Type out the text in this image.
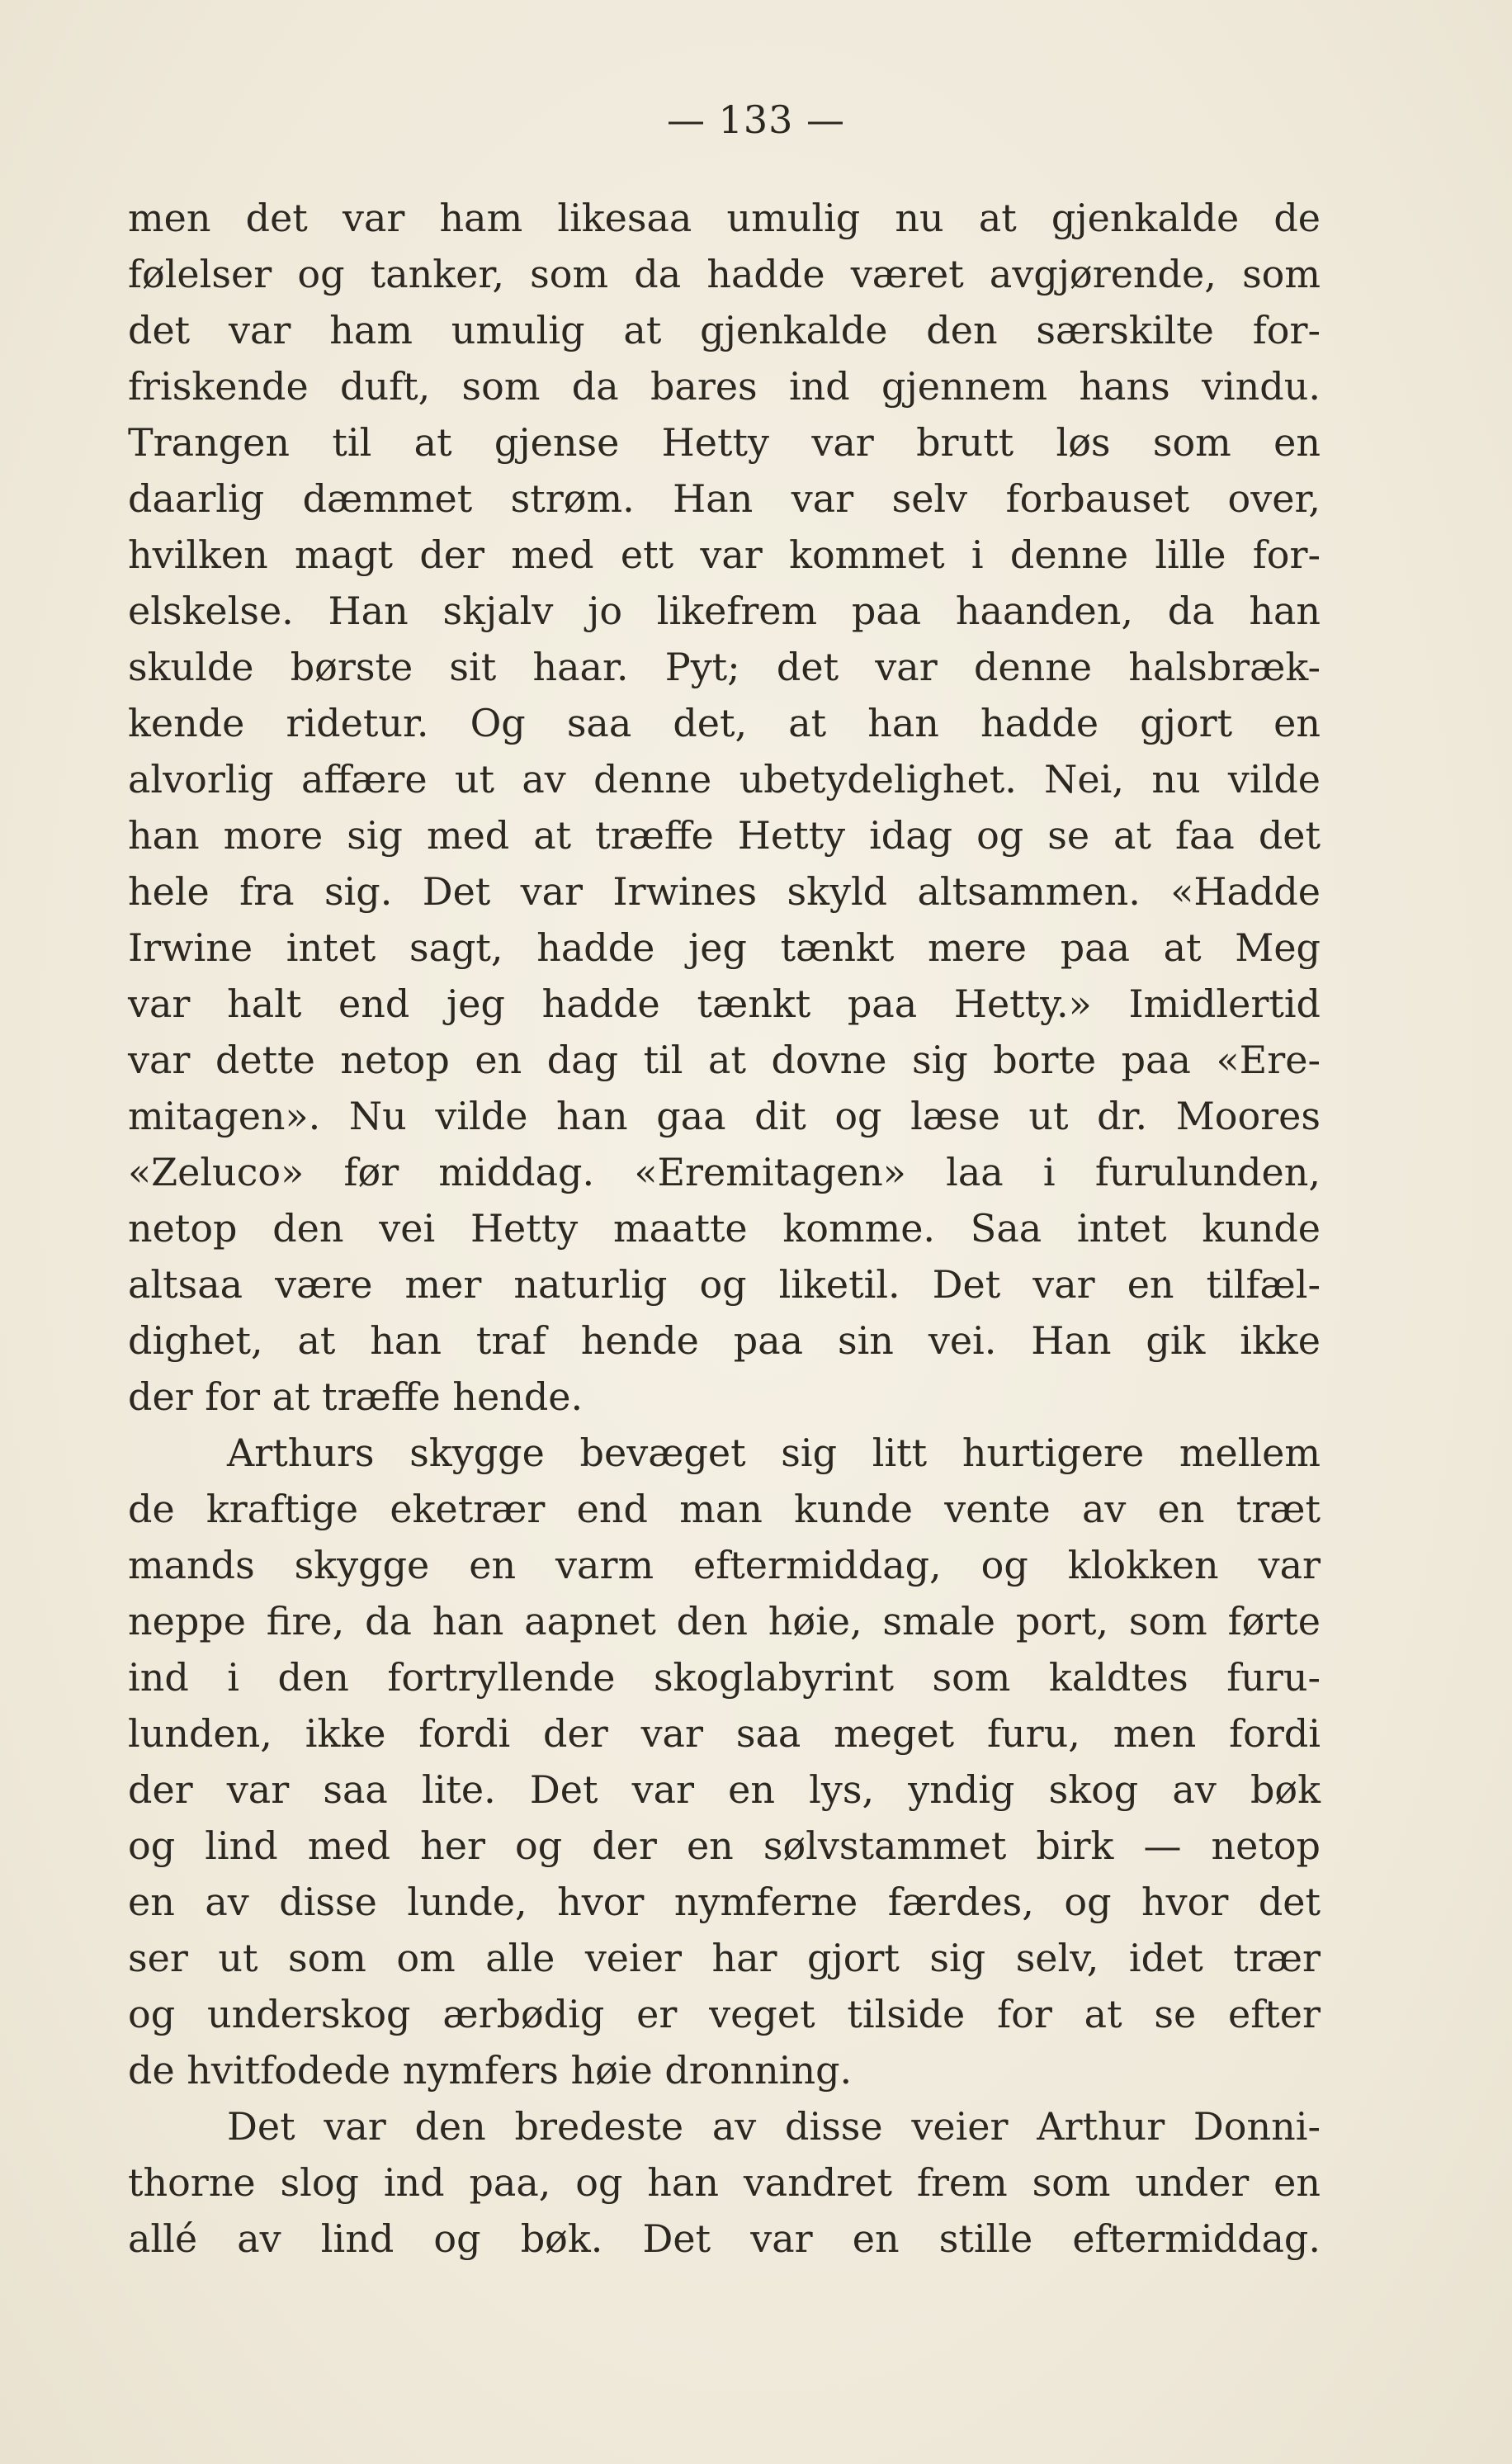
— 133 —
men det var ham likesaa umulig nu at gjenkalde de
følelser og tanker, som da hadde været avgjørende, som
det var ham umulig at gjenkalde den særskilte for-
friskende duft, som da bares ind gjennem hans vindu.
Trangen til at gjense Hetty var brutt løs som en
daarlig dæmmet strøm. Han var selv forbauset over,
hvilken magt der med ett var kommet i denne lille for-
elskelse. Han skjalv jo likefrem paa haanden, da han
skulde børste sit haar. Pyt; det var denne halsbræk-
kende ridetur. Og saa det, at han hadde gjort en
alvorlig affære ut av denne ubetydelighet. Nei, nu vilde
han more sig med at træffe Hetty idag og se at faa det
hele fra sig. Det var Irwines skyld altsammen. «Hadde
Irwine intet sagt, hadde jeg tænkt mere paa at Meg
var halt end jeg hadde tænkt paa Hetty.» Imidlertid
var dette netop en dag til at dovne sig borte paa «Ere-
mitagen». Nu vilde han gaa dit og læse ut dr. Moores
«Zeluco» før middag. «Eremitagen» laa i furulunden,
netop den vei Hetty maatte komme. Saa intet kunde
altsaa være mer naturlig og liketil. Det var en tilfæl-
dighet, at han traf hende paa sin vei. Han gik ikke
der for at træffe hende.
Arthurs skygge bevæget sig litt hurtigere mellem
de kraftige eketrær end man kunde vente av en træt
mands skygge en varm eftermiddag, og klokken var
neppe fire, da han aapnet den høie, smale port, som førte
ind i den fortryllende skoglabyrint som kaldtes furu-
lunden, ikke fordi der var saa meget furu, men fordi
der var saa lite. Det var en lys, yndig skog av bøk
og lind med her og der en sølvstammet birk — netop
en av disse lunde, hvor nymferne færdes, og hvor det
ser ut som om alle veier har gjort sig selv, idet trær
og underskog ærbødig er veget tilside for at se efter
de hvitfodede nymfers høie dronning.
Det var den bredeste av disse veier Arthur Donni-
thorne slog ind paa, og han vandret frem som under en
allé av lind og bøk. Det var en stille eftermiddag.
